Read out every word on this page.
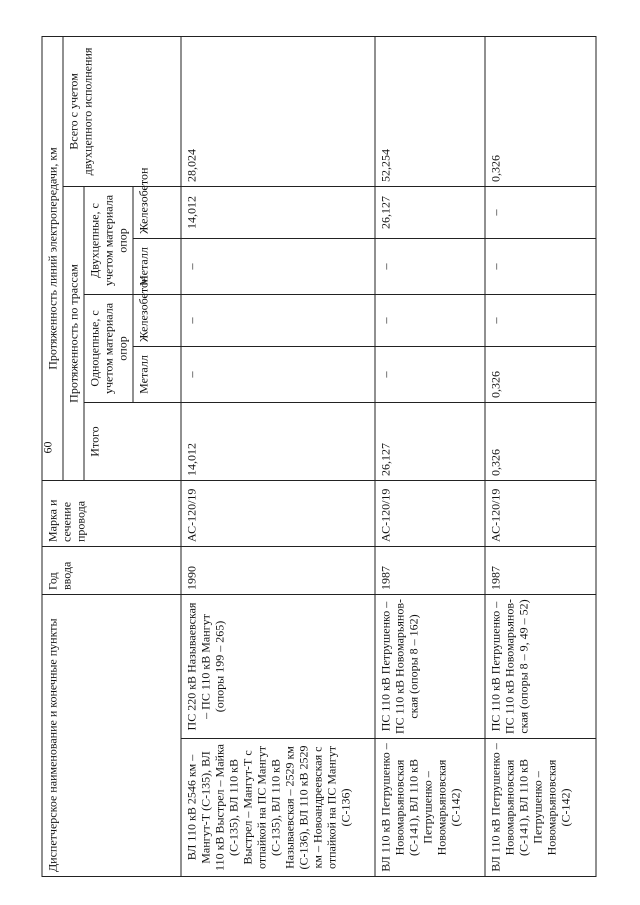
60
Диспетчерское наименование и конечные пункты		Год ввода	Марка и сечение провода	Протяженность линий электропередачи, км					
				Протяженность по трассам					Всего с учетом двухцепного исполнения
				Итого	Одноцепные, с учетом материала опор		Двухцепные, с учетом материала опор		
					Металл	Железобетон	Металл	Железобетон	
ВЛ 110 кВ 2546 км – Мангут-Т (С-135), ВЛ 110 кВ Выстрел – Майка (С-135), ВЛ 110 кВ Выстрел – Мангут-Т с отпайкой на ПС Мангут (С-135), ВЛ 110 кВ Называевская – 2529 км (С-136), ВЛ 110 кВ 2529 км – Новоандреевская с отпайкой на ПС Мангут (С-136)	ПС 220 кВ Называевская – ПС 110 кВ Мангут (опоры 199 – 265)	1990	АС-120/19	14,012	–	–	–	14,012	28,024
ВЛ 110 кВ Петрушенко – Новомарьяновская (С-141), ВЛ 110 кВ Петрушенко – Новомарьяновская (С-142)	ПС 110 кВ Петрушенко – ПС 110 кВ Новомарьянов-ская (опоры 8 – 162)	1987	АС-120/19	26,127	–	–	–	26,127	52,254
ВЛ 110 кВ Петрушенко – Новомарьяновская (С-141), ВЛ 110 кВ Петрушенко – Новомарьяновская (С-142)	ПС 110 кВ Петрушенко – ПС 110 кВ Новомарьянов-ская (опоры 8 – 9, 49 – 52)	1987	АС-120/19	0,326	0,326	–	–	–	0,326
